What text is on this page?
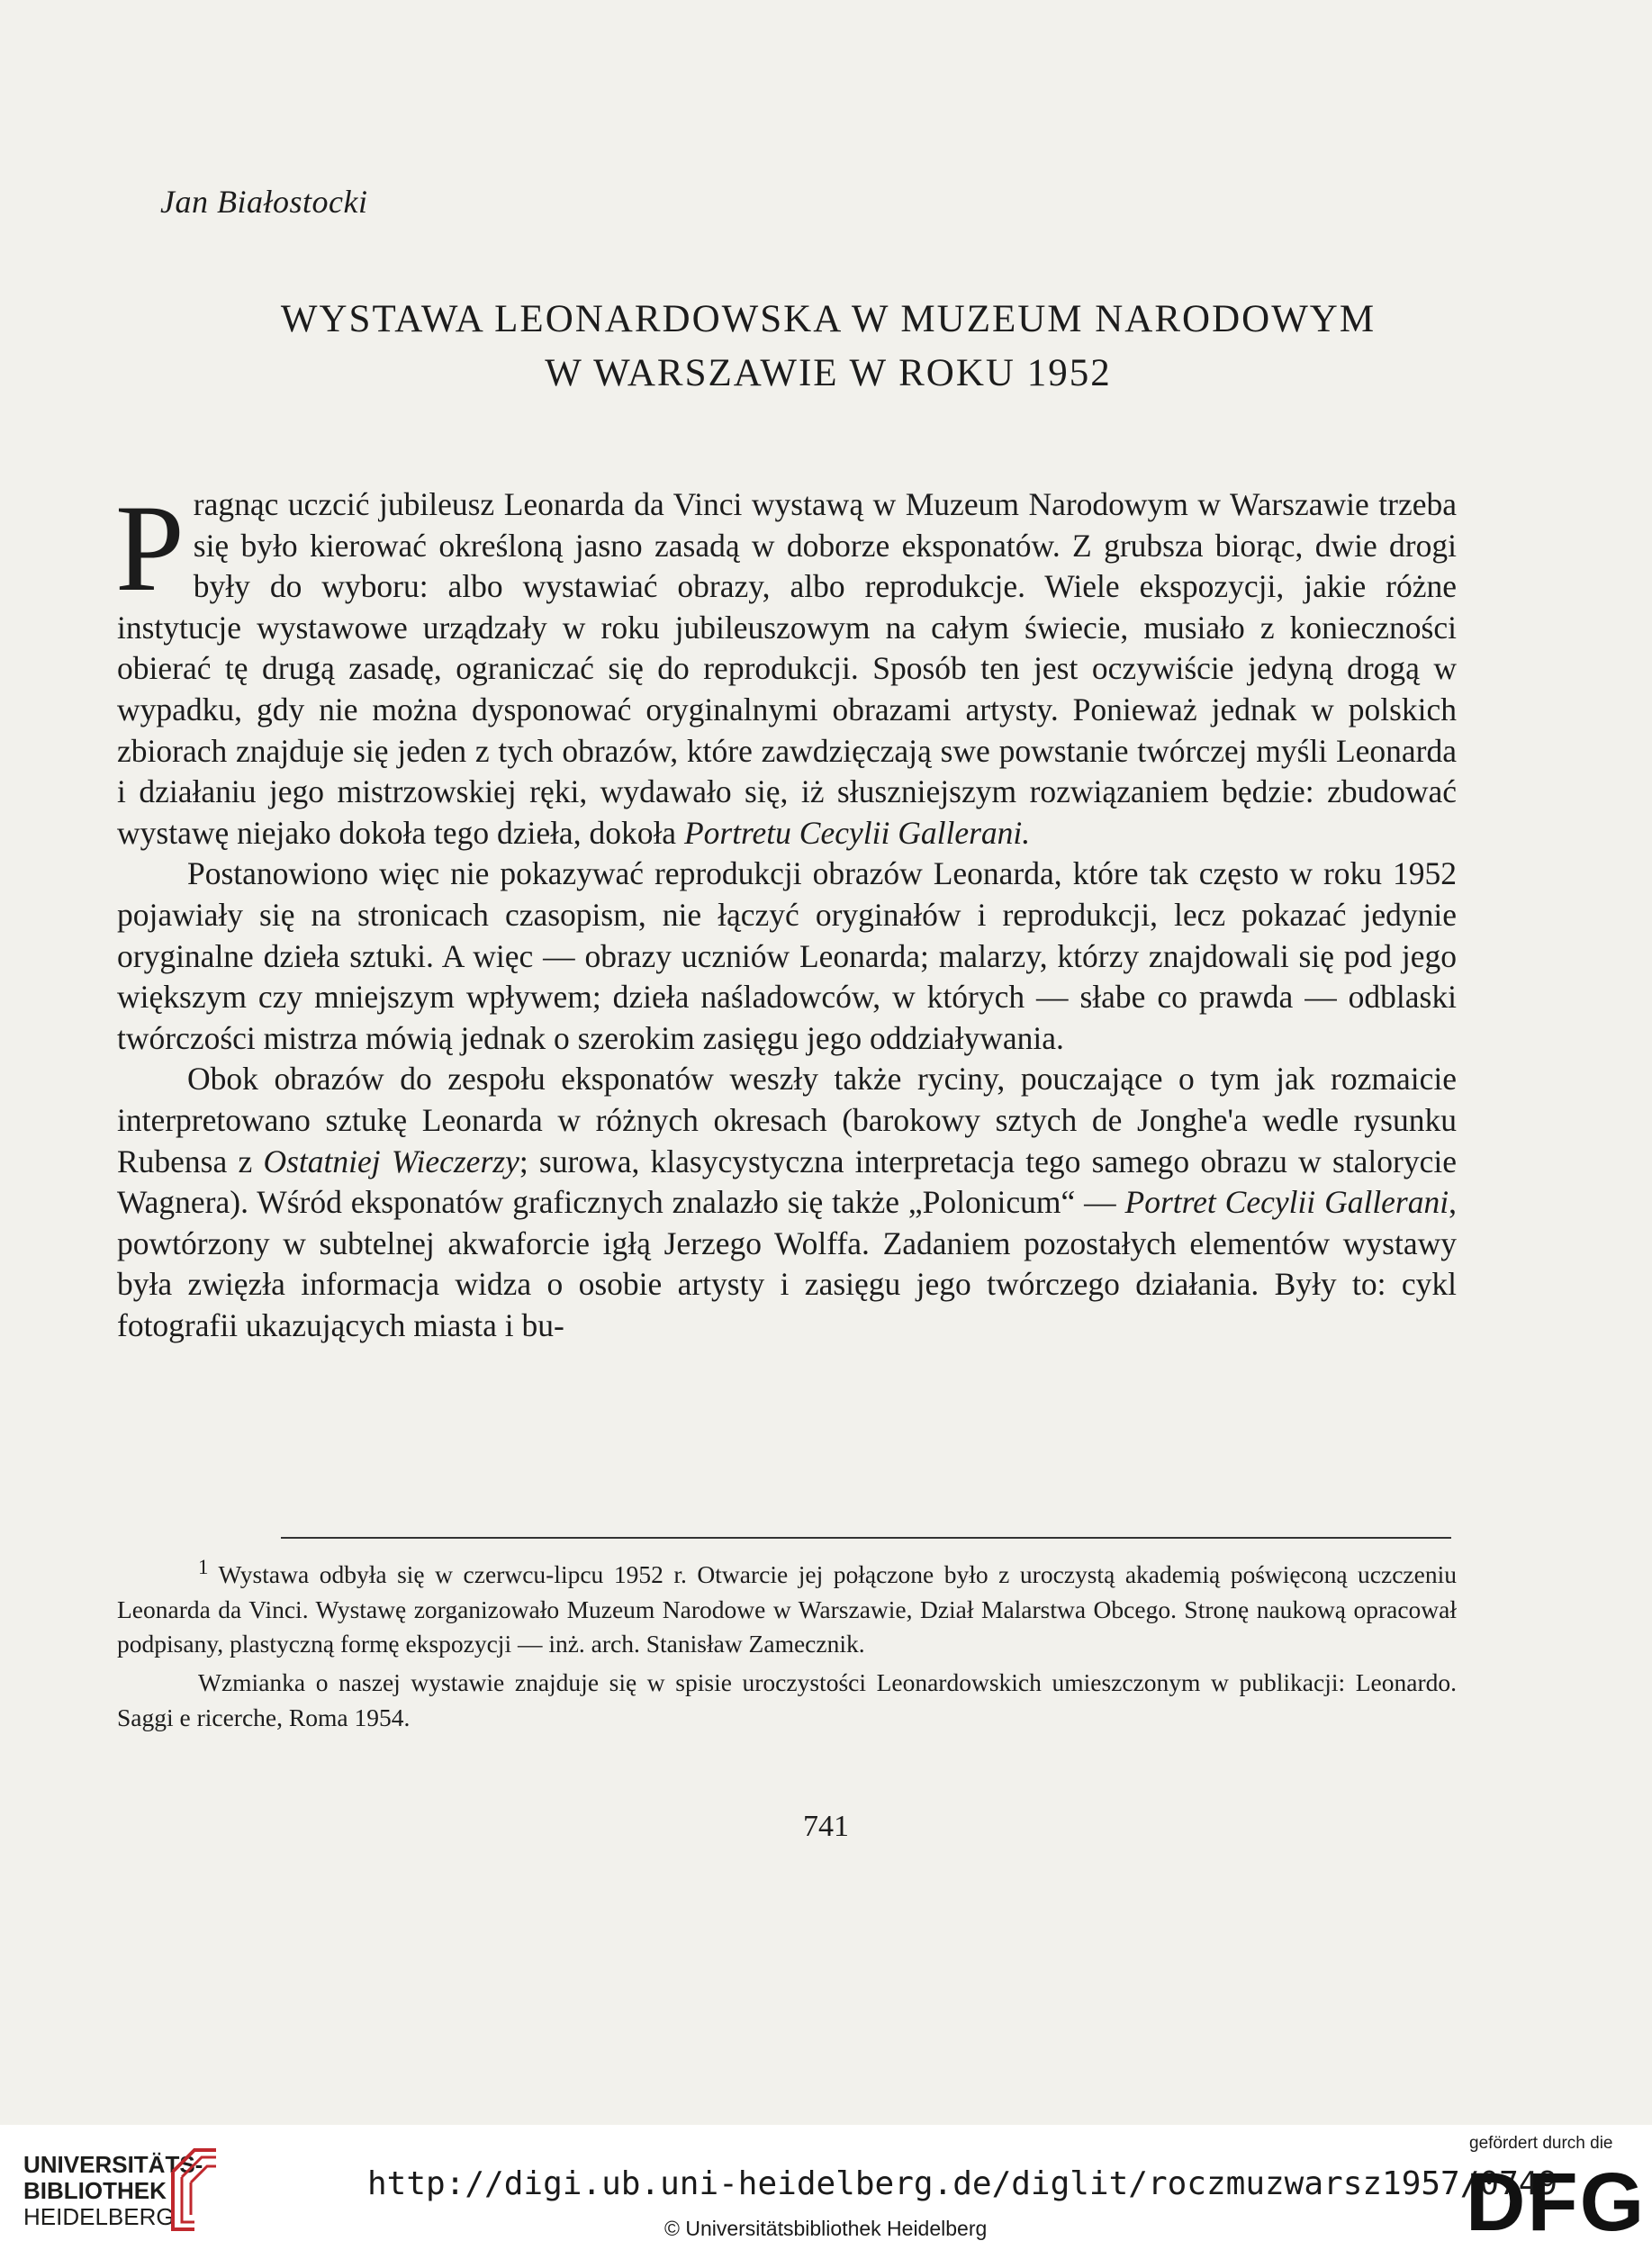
Jan Białostocki
WYSTAWA LEONARDOWSKA W MUZEUM NARODOWYM
W WARSZAWIE W ROKU 1952

Pragnąc uczcić jubileusz Leonarda da Vinci wystawą w Muzeum Narodowym w Warszawie trzeba się było kierować określoną jasno zasadą w doborze eksponatów. Z grubsza biorąc, dwie drogi były do wyboru: albo wystawiać obrazy, albo reprodukcje. Wiele ekspozycji, jakie różne instytucje wystawowe urządzały w roku jubileuszowym na całym świecie, musiało z konieczności obierać tę drugą zasadę, ograniczać się do reprodukcji. Sposób ten jest oczywiście jedyną drogą w wypadku, gdy nie można dysponować oryginalnymi obrazami artysty. Ponieważ jednak w polskich zbiorach znajduje się jeden z tych obrazów, które zawdzięczają swe powstanie twórczej myśli Leonarda i działaniu jego mistrzowskiej ręki, wydawało się, iż słuszniejszym rozwiązaniem będzie: zbudować wystawę niejako dokoła tego dzieła, dokoła Portretu Cecylii Gallerani.

Postanowiono więc nie pokazywać reprodukcji obrazów Leonarda, które tak często w roku 1952 pojawiały się na stronicach czasopism, nie łączyć oryginałów i reprodukcji, lecz pokazać jedynie oryginalne dzieła sztuki. A więc — obrazy uczniów Leonarda; malarzy, którzy znajdowali się pod jego większym czy mniejszym wpływem; dzieła naśladowców, w których — słabe co prawda — odblaski twórczości mistrza mówią jednak o szerokim zasięgu jego oddziaływania.

Obok obrazów do zespołu eksponatów weszły także ryciny, pouczające o tym jak rozmaicie interpretowano sztukę Leonarda w różnych okresach (barokowy sztych de Jonghe'a wedle rysunku Rubensa z Ostatniej Wieczerzy; surowa, klasycystyczna interpretacja tego samego obrazu w stalorycie Wagnera). Wśród eksponatów graficznych znalazło się także „Polonicum“ — Portret Cecylii Gallerani, powtórzony w subtelnej akwaforcie igłą Jerzego Wolffa. Zadaniem pozostałych elementów wystawy była zwięzła informacja widza o osobie artysty i zasięgu jego twórczego działania. Były to: cykl fotografii ukazujących miasta i bu-

$^1$ Wystawa odbyła się w czerwcu-lipcu 1952 r. Otwarcie jej połączone było z uroczystą akademią poświęconą uczczeniu Leonarda da Vinci. Wystawę zorganizowało Muzeum Narodowe w Warszawie, Dział Malarstwa Obcego. Stronę naukową opracował podpisany, plastyczną formę ekspozycji — inż. arch. Stanisław Zamecznik.

Wzmianka o naszej wystawie znajduje się w spisie uroczystości Leonardowskich umieszczonym w publikacji: Leonardo. Saggi e ricerche, Roma 1954.

741
UNIVERSITÄTS-
BIBLIOTHEK
HEIDELBERG
http://digi.ub.uni-heidelberg.de/diglit/roczmuzwarsz1957/0749
© Universitätsbibliothek Heidelberg
gefördert durch die
DFG
